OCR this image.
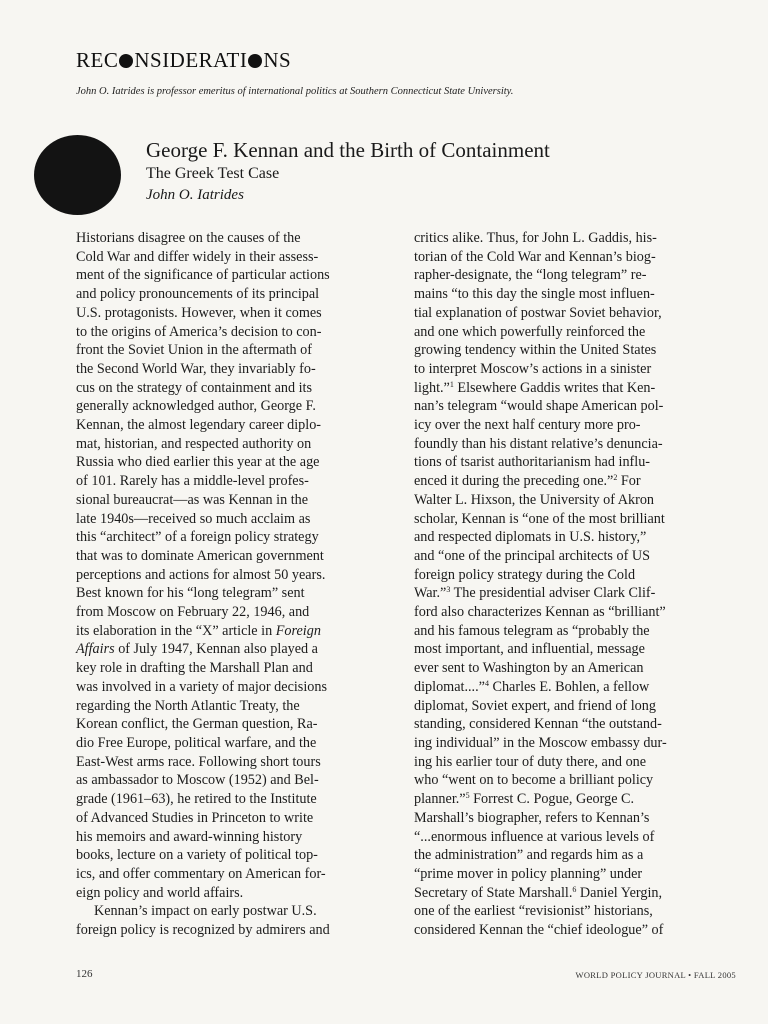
REC NSIDERATI NS
John O. Iatrides is professor emeritus of international politics at Southern Connecticut State University.
George F. Kennan and the Birth of Containment
The Greek Test Case
John O. Iatrides
Historians disagree on the causes of the
Cold War and differ widely in their assess-
ment of the significance of particular actions
and policy pronouncements of its principal
U.S. protagonists. However, when it comes
to the origins of America’s decision to con-
front the Soviet Union in the aftermath of
the Second World War, they invariably fo-
cus on the strategy of containment and its
generally acknowledged author, George F.
Kennan, the almost legendary career diplo-
mat, historian, and respected authority on
Russia who died earlier this year at the age
of 101. Rarely has a middle-level profes-
sional bureaucrat—as was Kennan in the
late 1940s—received so much acclaim as
this “architect” of a foreign policy strategy
that was to dominate American government
perceptions and actions for almost 50 years.
Best known for his “long telegram” sent
from Moscow on February 22, 1946, and
its elaboration in the “X” article in Foreign
Affairs of July 1947, Kennan also played a
key role in drafting the Marshall Plan and
was involved in a variety of major decisions
regarding the North Atlantic Treaty, the
Korean conflict, the German question, Ra-
dio Free Europe, political warfare, and the
East-West arms race. Following short tours
as ambassador to Moscow (1952) and Bel-
grade (1961–63), he retired to the Institute
of Advanced Studies in Princeton to write
his memoirs and award-winning history
books, lecture on a variety of political top-
ics, and offer commentary on American for-
eign policy and world affairs.
Kennan’s impact on early postwar U.S.
foreign policy is recognized by admirers and
critics alike. Thus, for John L. Gaddis, his-
torian of the Cold War and Kennan’s biog-
rapher-designate, the “long telegram” re-
mains “to this day the single most influen-
tial explanation of postwar Soviet behavior,
and one which powerfully reinforced the
growing tendency within the United States
to interpret Moscow’s actions in a sinister
light.”$^1$ Elsewhere Gaddis writes that Ken-
nan’s telegram “would shape American pol-
icy over the next half century more pro-
foundly than his distant relative’s denuncia-
tions of tsarist authoritarianism had influ-
enced it during the preceding one.”$^2$ For
Walter L. Hixson, the University of Akron
scholar, Kennan is “one of the most brilliant
and respected diplomats in U.S. history,”
and “one of the principal architects of US
foreign policy strategy during the Cold
War.”$^3$ The presidential adviser Clark Clif-
ford also characterizes Kennan as “brilliant”
and his famous telegram as “probably the
most important, and influential, message
ever sent to Washington by an American
diplomat....”$^4$ Charles E. Bohlen, a fellow
diplomat, Soviet expert, and friend of long
standing, considered Kennan “the outstand-
ing individual” in the Moscow embassy dur-
ing his earlier tour of duty there, and one
who “went on to become a brilliant policy
planner.”$^5$ Forrest C. Pogue, George C.
Marshall’s biographer, refers to Kennan’s
“...enormous influence at various levels of
the administration” and regards him as a
“prime mover in policy planning” under
Secretary of State Marshall.$^6$ Daniel Yergin,
one of the earliest “revisionist” historians,
considered Kennan the “chief ideologue” of
126	WORLD POLICY JOURNAL • FALL 2005
